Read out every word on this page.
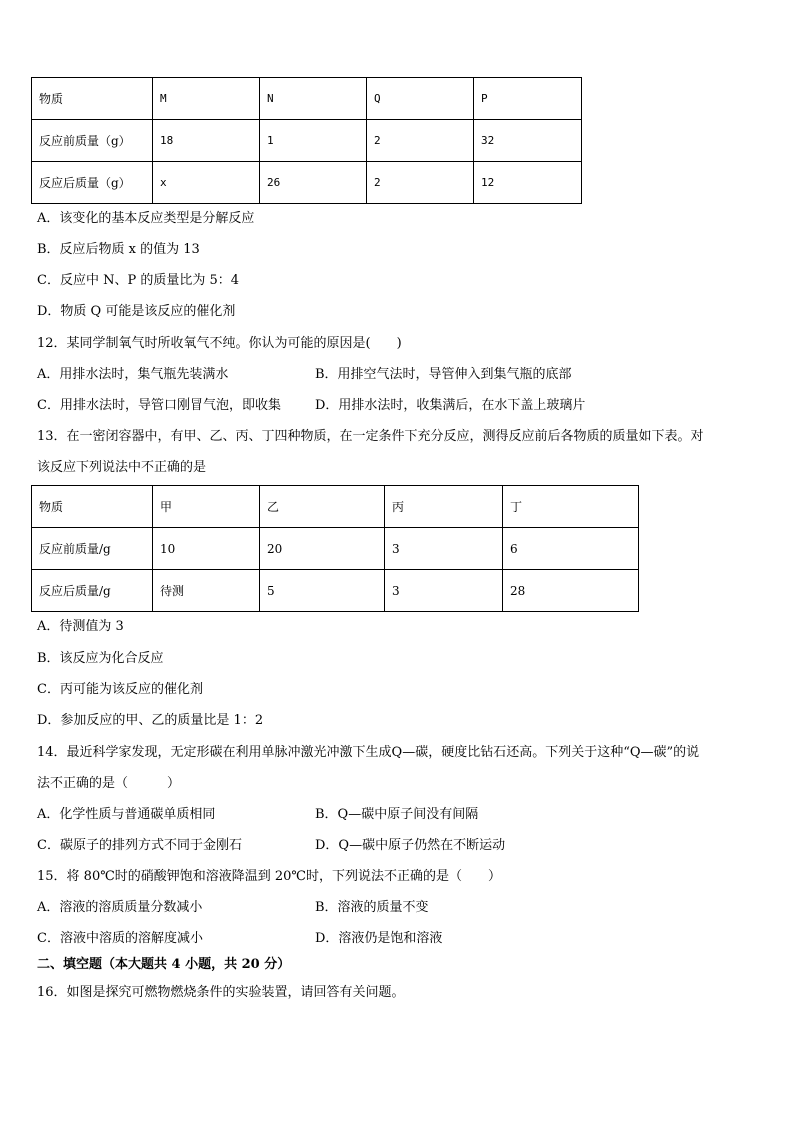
物质	M	N	Q	P
反应前质量（g）	18	1	2	32
反应后质量（g）	x	26	2	12
A．该变化的基本反应类型是分解反应
B．反应后物质 x 的值为 13
C．反应中 N、P 的质量比为 5：4
D．物质 Q 可能是该反应的催化剂
12．某同学制氧气时所收氧气不纯。你认为可能的原因是(　　)
A．用排水法时，集气瓶先装满水	B．用排空气法时，导管伸入到集气瓶的底部
C．用排水法时，导管口刚冒气泡，即收集	D．用排水法时，收集满后，在水下盖上玻璃片
13．在一密闭容器中，有甲、乙、丙、丁四种物质，在一定条件下充分反应，测得反应前后各物质的质量如下表。对
该反应下列说法中不正确的是
物质	甲	乙	丙	丁
反应前质量/g	10	20	3	6
反应后质量/g	待测	5	3	28
A．待测值为 3
B．该反应为化合反应
C．丙可能为该反应的催化剂
D．参加反应的甲、乙的质量比是 1：2
14．最近科学家发现，无定形碳在利用单脉冲激光冲激下生成Q—碳，硬度比钻石还高。下列关于这种“Q—碳”的说
法不正确的是（　　　）
A．化学性质与普通碳单质相同	B．Q—碳中原子间没有间隔
C．碳原子的排列方式不同于金刚石	D．Q—碳中原子仍然在不断运动
15．将 80℃时的硝酸钾饱和溶液降温到 20℃时，下列说法不正确的是（　　）
A．溶液的溶质质量分数减小	B．溶液的质量不变
C．溶液中溶质的溶解度减小	D．溶液仍是饱和溶液
二、填空题（本大题共 4 小题，共 20 分）
16．如图是探究可燃物燃烧条件的实验装置，请回答有关问题。
